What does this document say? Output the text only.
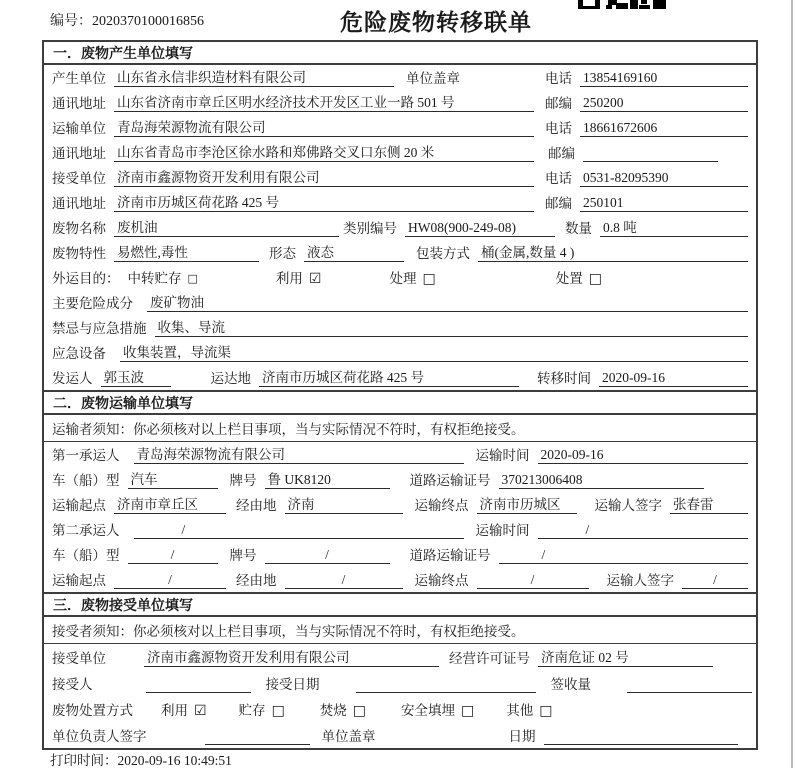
编号：2020370100016856	危险废物转移联单
一．废物产生单位填写
产生单位 山东省永信非织造材料有限公司	单位盖章	电话 13854169160
通讯地址 山东省济南市章丘区明水经济技术开发区工业一路 501 号	邮编 250200
运输单位 青岛海荣源物流有限公司	电话 18661672606
通讯地址 山东省青岛市李沧区徐水路和郑佛路交叉口东侧 20 米	邮编
接受单位 济南市鑫源物资开发利用有限公司	电话 0531-82095390
通讯地址 济南市历城区荷花路 425 号	邮编 250101
废物名称 废机油	类别编号 HW08(900-249-08)	数量 0.8 吨
废物特性 易燃性,毒性	形态 液态	包装方式 桶(金属,数量 4 )
外运目的： 中转贮存 □	利用 ☑	处理 □	处置 □
主要危险成分 废矿物油
禁忌与应急措施 收集、导流
应急设备 收集装置，导流渠
发运人 郭玉波	运达地 济南市历城区荷花路 425 号	转移时间 2020-09-16
二．废物运输单位填写
运输者须知：你必须核对以上栏目事项，当与实际情况不符时，有权拒绝接受。
第一承运人 青岛海荣源物流有限公司	运输时间 2020-09-16
车（船）型 汽车	牌号 鲁 UK8120	道路运输证号 370213006408
运输起点 济南市章丘区	经由地 济南	运输终点 济南市历城区	运输人签字 张春雷
第二承运人	/	运输时间	/
车（船）型	/	牌号	/	道路运输证号	/
运输起点	/	经由地	/	运输终点	/	运输人签字	/
三．废物接受单位填写
接受者须知：你必须核对以上栏目事项，当与实际情况不符时，有权拒绝接受。
接受单位	济南市鑫源物资开发利用有限公司	经营许可证号 济南危证 02 号
接受人	接受日期	签收量
废物处置方式 利用 ☑ 贮存 □	焚烧 □	安全填埋 □ 其他 □
单位负责人签字	单位盖章	日期
打印时间：2020-09-16 10:49:51
